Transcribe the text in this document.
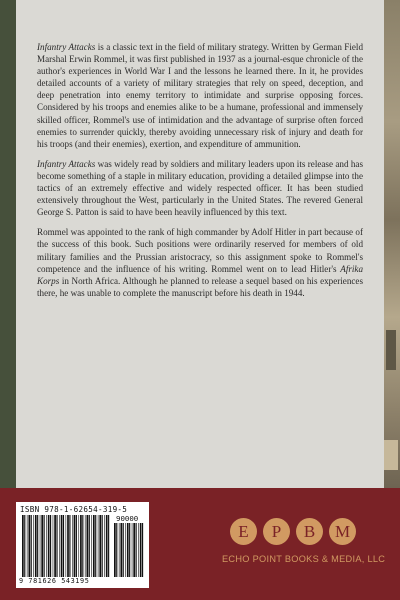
Infantry Attacks is a classic text in the field of military strategy. Written by German Field Marshal Erwin Rommel, it was first published in 1937 as a journal-esque chronicle of the author's experiences in World War I and the lessons he learned there. In it, he provides detailed accounts of a variety of military strategies that rely on speed, deception, and deep penetration into enemy territory to intimidate and surprise opposing forces. Considered by his troops and enemies alike to be a humane, professional and immensely skilled officer, Rommel's use of intimidation and the advantage of surprise often forced enemies to surrender quickly, thereby avoiding unnecessary risk of injury and death for his troops (and their enemies), exertion, and expenditure of ammunition.

Infantry Attacks was widely read by soldiers and military leaders upon its release and has become something of a staple in military education, providing a detailed glimpse into the tactics of an extremely effective and widely respected officer. It has been studied extensively throughout the West, particularly in the United States. The revered General George S. Patton is said to have been heavily influenced by this text.

Rommel was appointed to the rank of high commander by Adolf Hitler in part because of the success of this book. Such positions were ordinarily reserved for members of old military families and the Prussian aristocracy, so this assignment spoke to Rommel's competence and the influence of his writing. Rommel went on to lead Hitler's Afrika Korps in North Africa. Although he planned to release a sequel based on his experiences there, he was unable to complete the manuscript before his death in 1944.

ISBN 978-1-62654-319-5
90000
9 781626 543195
E	P	B	M
ECHO POINT BOOKS & MEDIA, LLC
